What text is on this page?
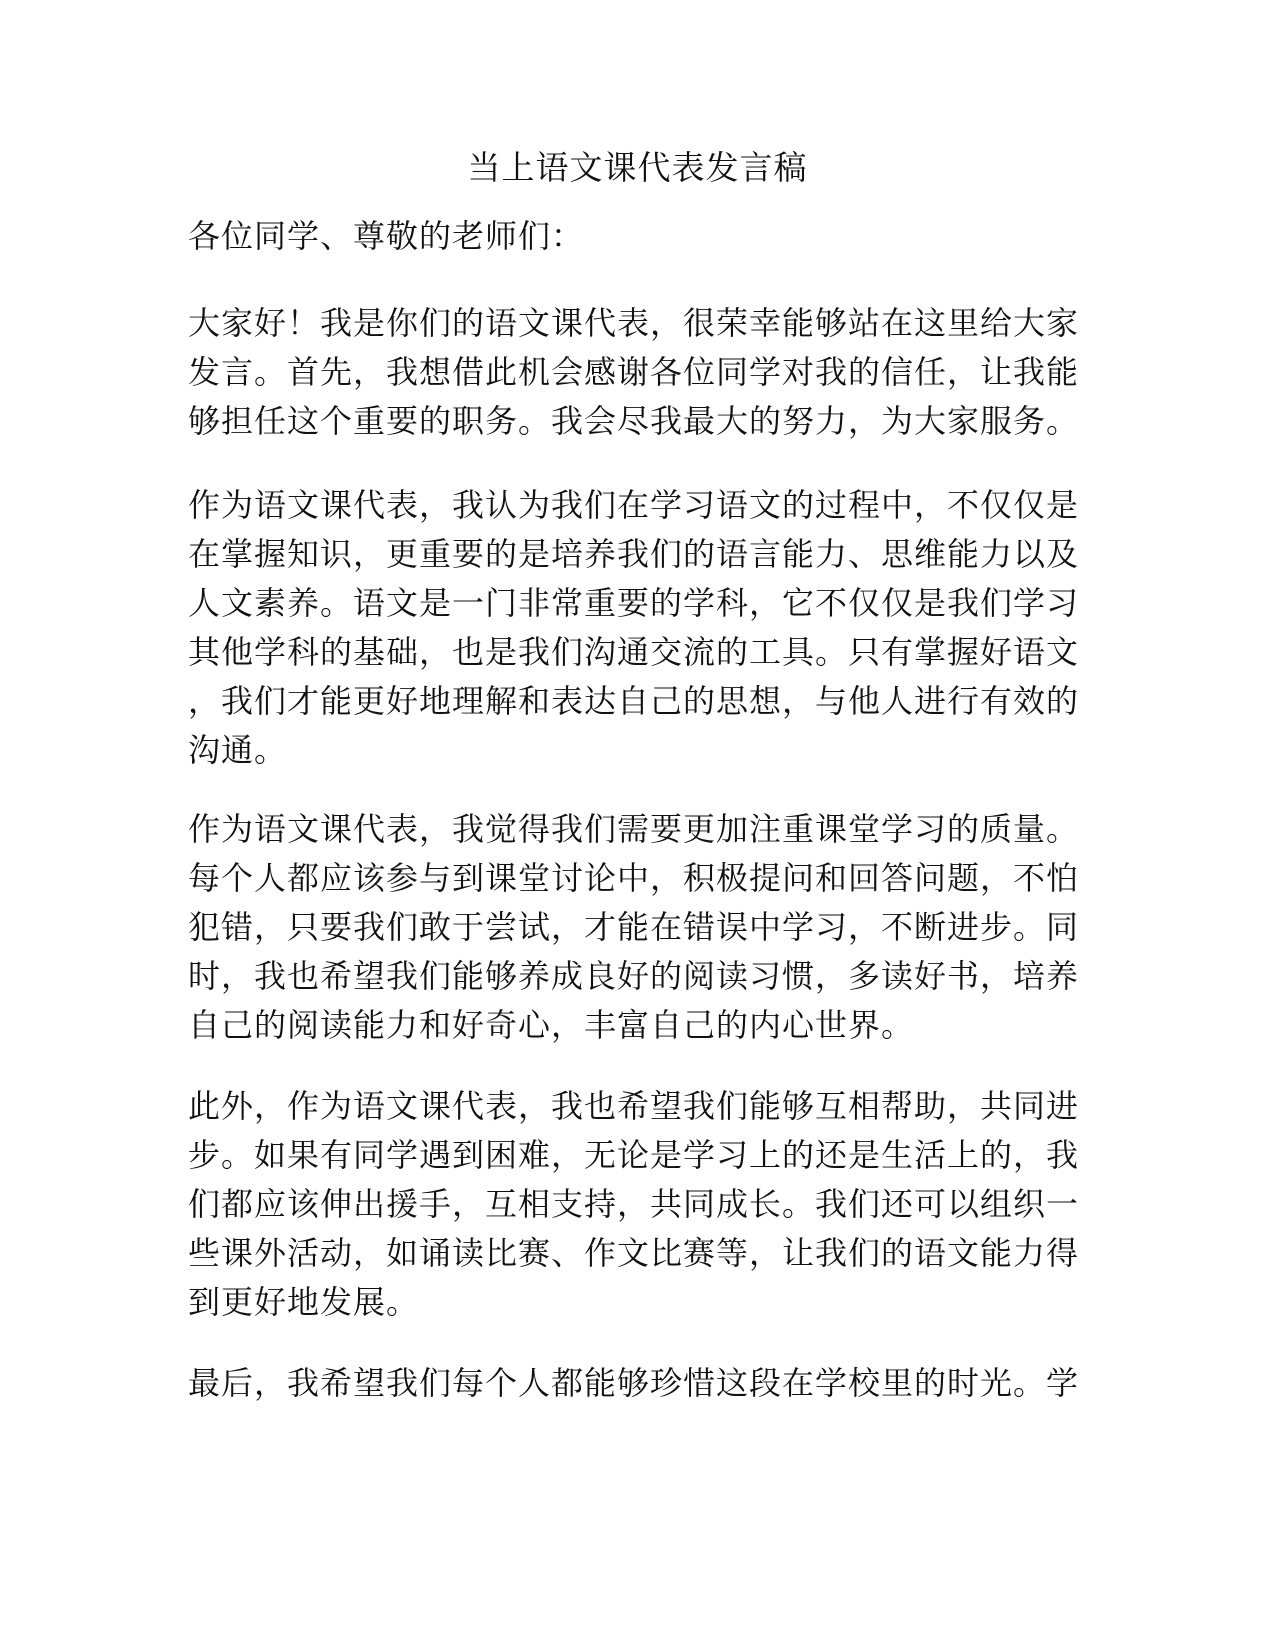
当上语文课代表发言稿
各位同学、尊敬的老师们：
大家好！我是你们的语文课代表，很荣幸能够站在这里给大家
发言。首先，我想借此机会感谢各位同学对我的信任，让我能
够担任这个重要的职务。我会尽我最大的努力，为大家服务。
作为语文课代表，我认为我们在学习语文的过程中，不仅仅是
在掌握知识，更重要的是培养我们的语言能力、思维能力以及
人文素养。语文是一门非常重要的学科，它不仅仅是我们学习
其他学科的基础，也是我们沟通交流的工具。只有掌握好语文
，我们才能更好地理解和表达自己的思想，与他人进行有效的
沟通。
作为语文课代表，我觉得我们需要更加注重课堂学习的质量。
每个人都应该参与到课堂讨论中，积极提问和回答问题，不怕
犯错，只要我们敢于尝试，才能在错误中学习，不断进步。同
时，我也希望我们能够养成良好的阅读习惯，多读好书，培养
自己的阅读能力和好奇心，丰富自己的内心世界。
此外，作为语文课代表，我也希望我们能够互相帮助，共同进
步。如果有同学遇到困难，无论是学习上的还是生活上的，我
们都应该伸出援手，互相支持，共同成长。我们还可以组织一
些课外活动，如诵读比赛、作文比赛等，让我们的语文能力得
到更好地发展。
最后，我希望我们每个人都能够珍惜这段在学校里的时光。学
